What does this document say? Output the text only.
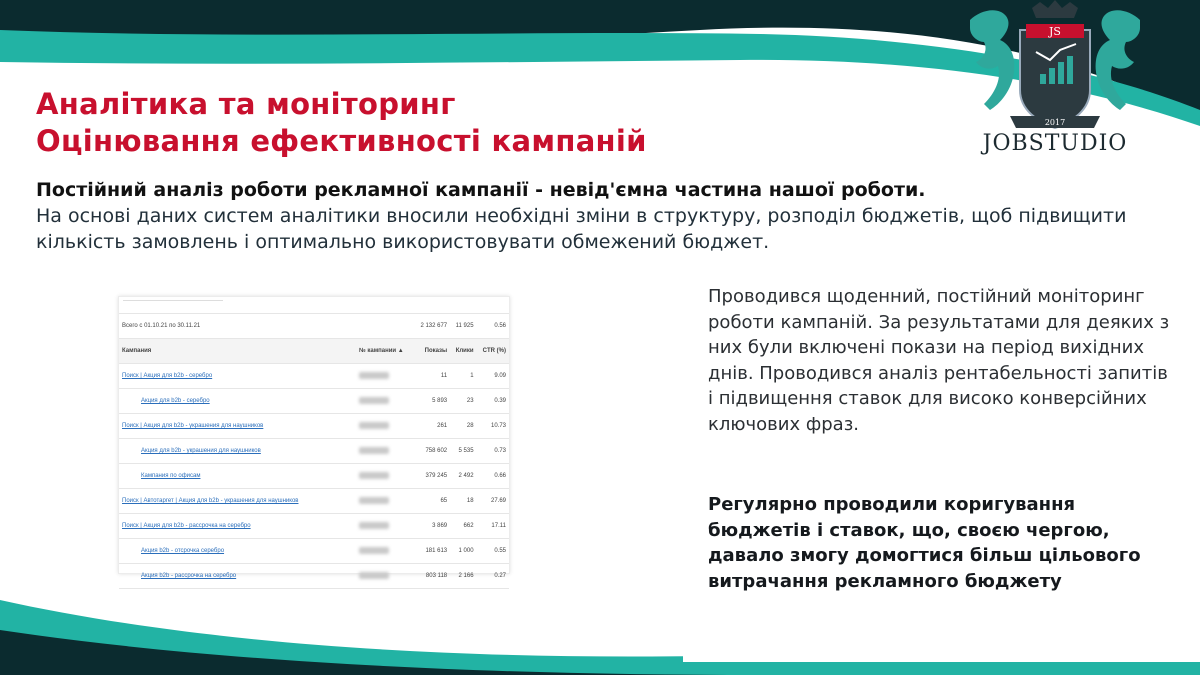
JS
2017
JOBSTUDIO
Аналітика та моніторинг
Оцінювання ефективності кампаній
Постійний аналіз роботи рекламної кампанії - невід'ємна частина нашої роботи.
На основі даних систем аналітики вносили необхідні зміни в структуру, розподіл бюджетів, щоб підвищити кількість замовлень і оптимально використовувати обмежений бюджет.
Всего с 01.10.21 по 30.11.21		2 132 677	11 925	0.56
Кампания	№ кампании ▲	Показы	Клики	CTR (%)
Поиск | Акция для b2b - серебро		11	1	9.09
Акция для b2b - серебро		5 893	23	0.39
Поиск | Акция для b2b - украшения для наушников		261	28	10.73
Акция для b2b - украшения для наушников		758 602	5 535	0.73
Кампания по офисам		379 245	2 492	0.66
Поиск | Автотаргет | Акция для b2b - украшения для наушников		65	18	27.69
Поиск | Акция для b2b - рассрочка на серебро		3 869	662	17.11
Акция b2b - отсрочка серебро		181 613	1 000	0.55
Акция b2b - рассрочка на серебро		803 118	2 166	0.27

Проводився щоденний, постійний моніторинг роботи кампаній. За результатами для деяких з них були включені покази на період вихідних днів. Проводився аналіз рентабельності запитів і підвищення ставок для високо конверсійних ключових фраз.

Регулярно проводили коригування бюджетів і ставок, що, своєю чергою, давало змогу домогтися більш цільового витрачання рекламного бюджету
